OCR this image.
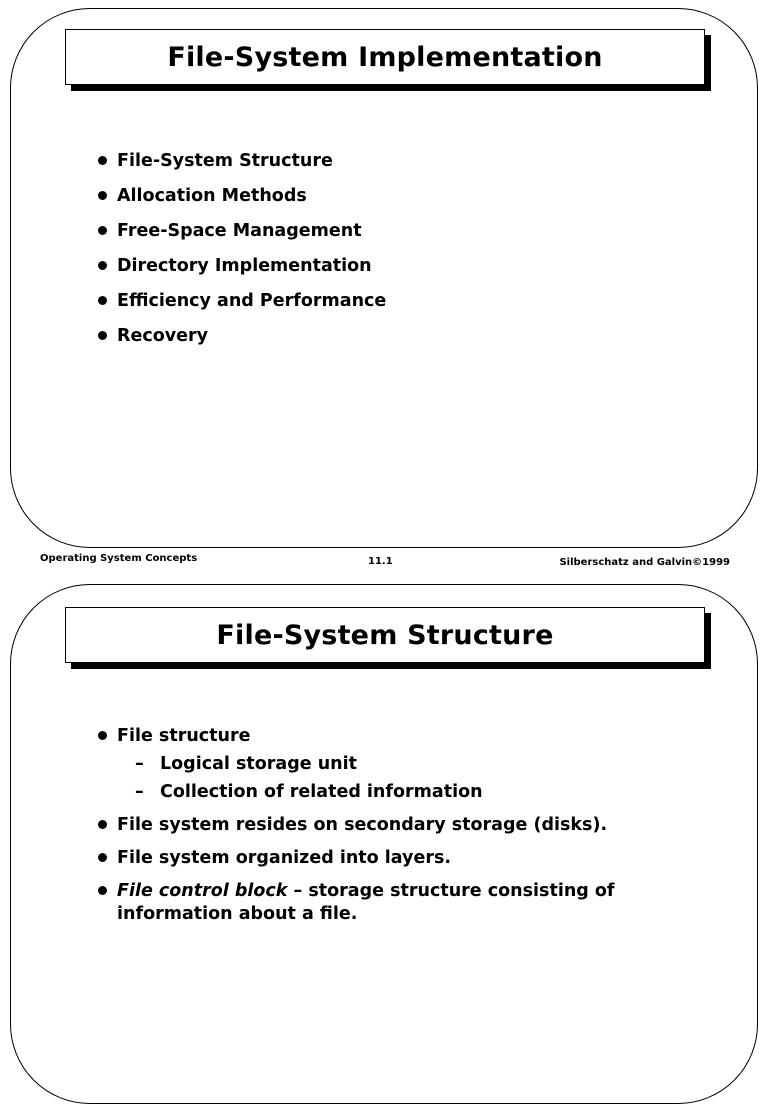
File-System Implementation
File-System Structure
Allocation Methods
Free-Space Management
Directory Implementation
Efficiency and Performance
Recovery
Operating System Concepts	11.1	Silberschatz and Galvin©1999
File-System Structure
File structure
– Logical storage unit
– Collection of related information
File system resides on secondary storage (disks).
File system organized into layers.
File control block – storage structure consisting of information about a file.
